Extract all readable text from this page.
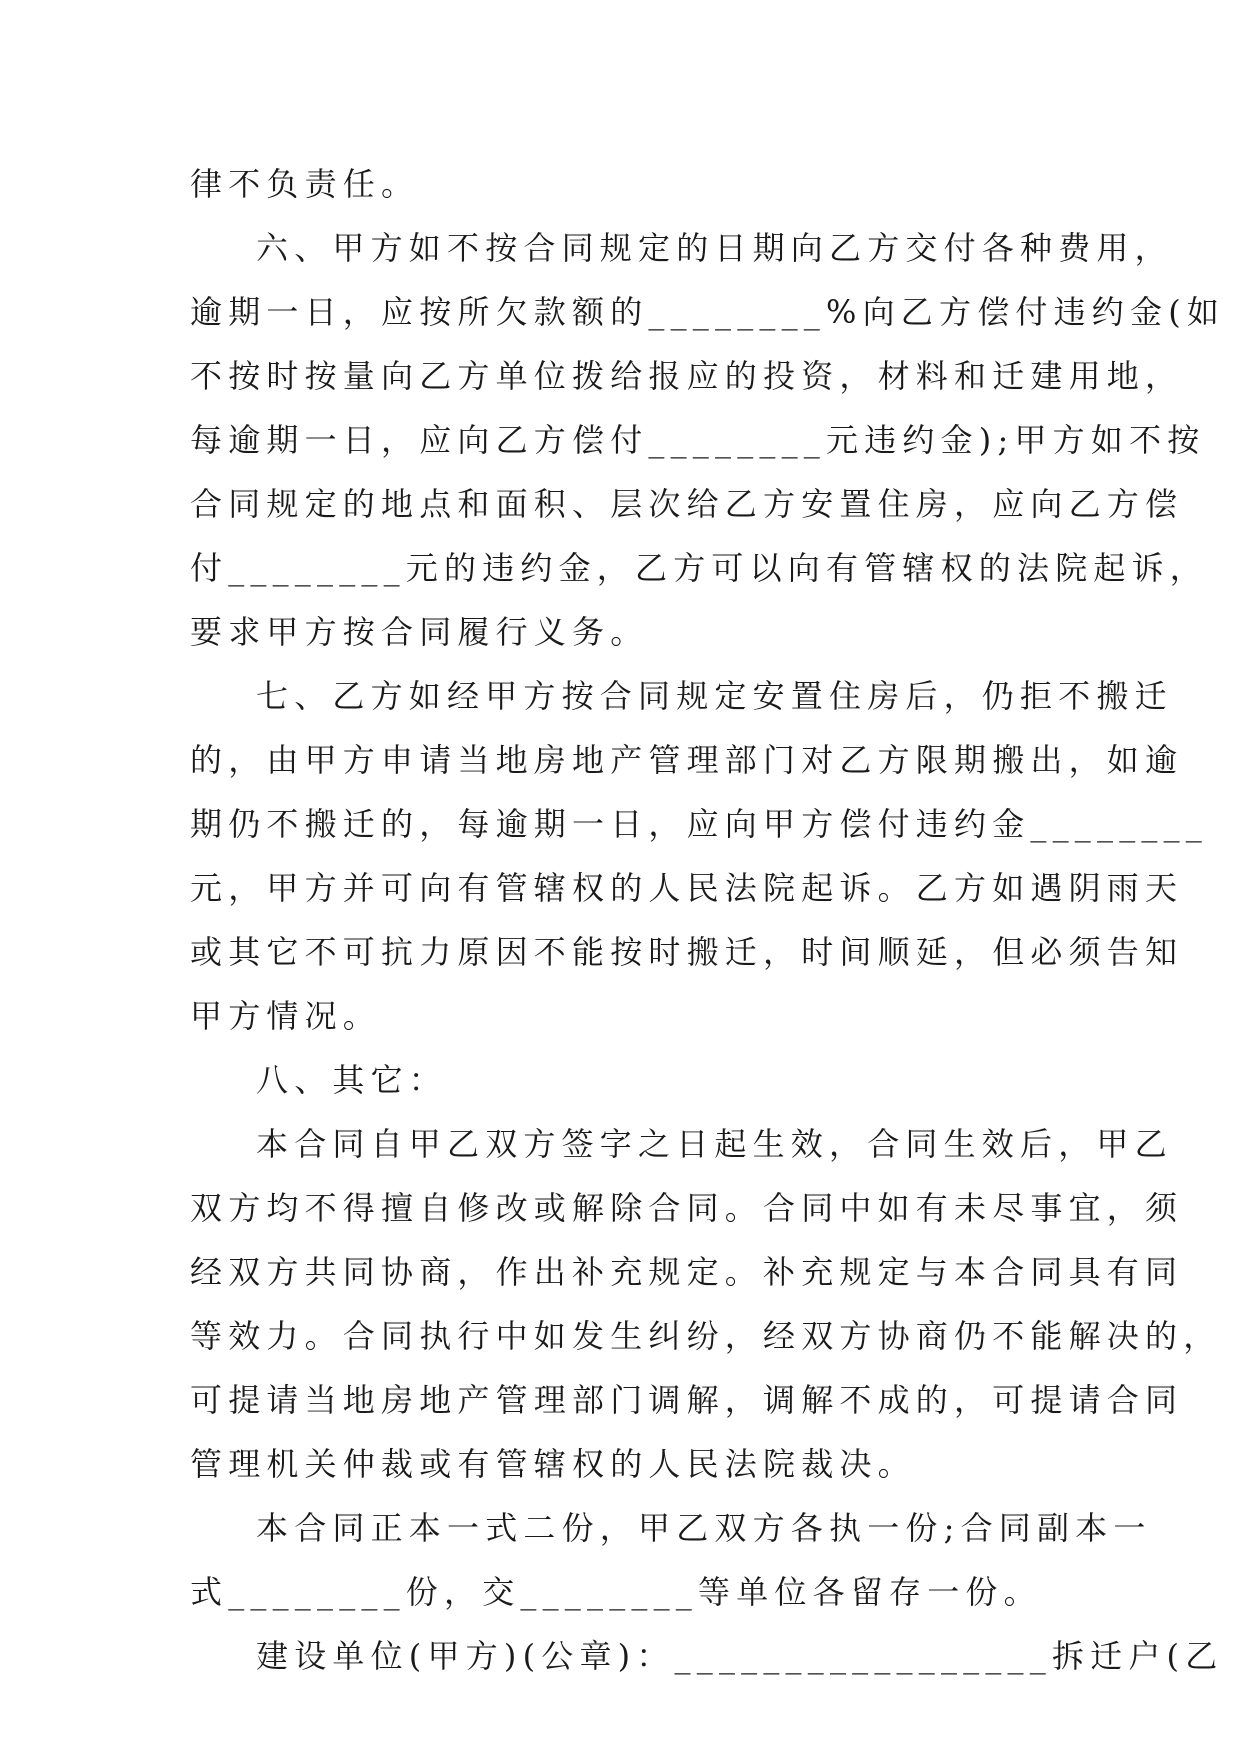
律不负责任。
六、甲方如不按合同规定的日期向乙方交付各种费用，
逾期一日，应按所欠款额的________%向乙方偿付违约金(如
不按时按量向乙方单位拨给报应的投资，材料和迁建用地，
每逾期一日，应向乙方偿付________元违约金);甲方如不按
合同规定的地点和面积、层次给乙方安置住房，应向乙方偿
付________元的违约金，乙方可以向有管辖权的法院起诉，
要求甲方按合同履行义务。
七、乙方如经甲方按合同规定安置住房后，仍拒不搬迁
的，由甲方申请当地房地产管理部门对乙方限期搬出，如逾
期仍不搬迁的，每逾期一日，应向甲方偿付违约金________
元，甲方并可向有管辖权的人民法院起诉。乙方如遇阴雨天
或其它不可抗力原因不能按时搬迁，时间顺延，但必须告知
甲方情况。
八、其它：
本合同自甲乙双方签字之日起生效，合同生效后，甲乙
双方均不得擅自修改或解除合同。合同中如有未尽事宜，须
经双方共同协商，作出补充规定。补充规定与本合同具有同
等效力。合同执行中如发生纠纷，经双方协商仍不能解决的，
可提请当地房地产管理部门调解，调解不成的，可提请合同
管理机关仲裁或有管辖权的人民法院裁决。
本合同正本一式二份，甲乙双方各执一份;合同副本一
式________份，交________等单位各留存一份。
建设单位(甲方)(公章)：_________________拆迁户(乙
